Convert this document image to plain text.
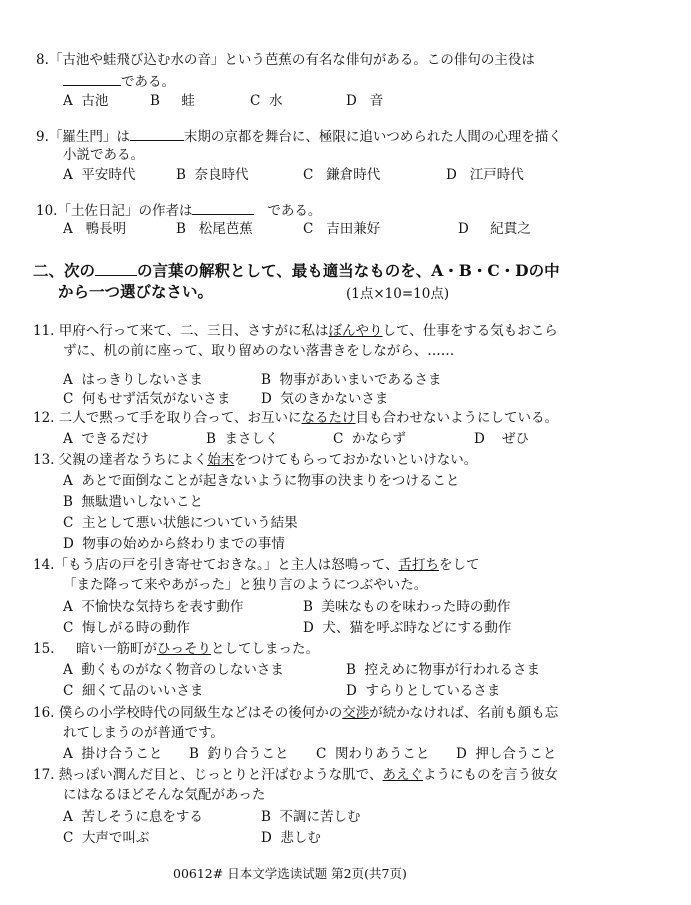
8.「古池や蛙飛び込む水の音」という芭蕉の有名な俳句がある。この俳句の主役は
である。
A 古池	B 蛙	C 水	D 音
9.「羅生門」は	末期の京都を舞台に、極限に追いつめられた人間の心理を描く
小説である。
A 平安時代	B 奈良時代	C 鎌倉時代	D 江戸時代
10.「土佐日記」の作者は	である。
A 鴨長明	B 松尾芭蕉	C 吉田兼好	D 紀貫之
二、次の	の言葉の解釈として、最も適当なものを、A・B・C・Dの中
から一つ選びなさい。	(1点×10=10点)
11. 甲府へ行って来て、二、三日、さすがに私はぼんやりして、仕事をする気もおこら
ずに、机の前に座って、取り留めのない落書きをしながら、……
A はっきりしないさま	B 物事があいまいであるさま
C 何もせず活気がないさま D 気のきかないさま
12. 二人で黙って手を取り合って、お互いになるたけ目も合わせないようにしている。
A できるだけ	B まさしく	C かならず	D ぜひ
13. 父親の達者なうちによく始末をつけてもらっておかないといけない。
A あとで面倒なことが起きないように物事の決まりをつけること
B 無駄遣いしないこと
C 主として悪い状態についていう結果
D 物事の始めから終わりまでの事情
14.「もう店の戸を引き寄せておきな。」と主人は怒鳴って、舌打ちをして
「また降って来やあがった」と独り言のようにつぶやいた。
A 不愉快な気持ちを表す動作	B 美味なものを味わった時の動作
C 悔しがる時の動作	D 犬、猫を呼ぶ時などにする動作
15. 暗い一筋町がひっそりとしてしまった。
A 動くものがなく物音のしないさま	B 控えめに物事が行われるさま
C 細くて品のいいさま	D すらりとしているさま
16. 僕らの小学校時代の同級生などはその後何かの交渉が続かなければ、名前も顔も忘
れてしまうのが普通です。
A 掛け合うこと B 釣り合うこと C 関わりあうこと D 押し合うこと
17. 熱っぽい潤んだ目と、じっとりと汗ばむような肌で、あえぐようにものを言う彼女
にはなるほどそんな気配があった
A 苦しそうに息をする	B 不調に苦しむ
C 大声で叫ぶ	D 悲しむ
00612# 日本文学选读试题 第2页(共7页)
